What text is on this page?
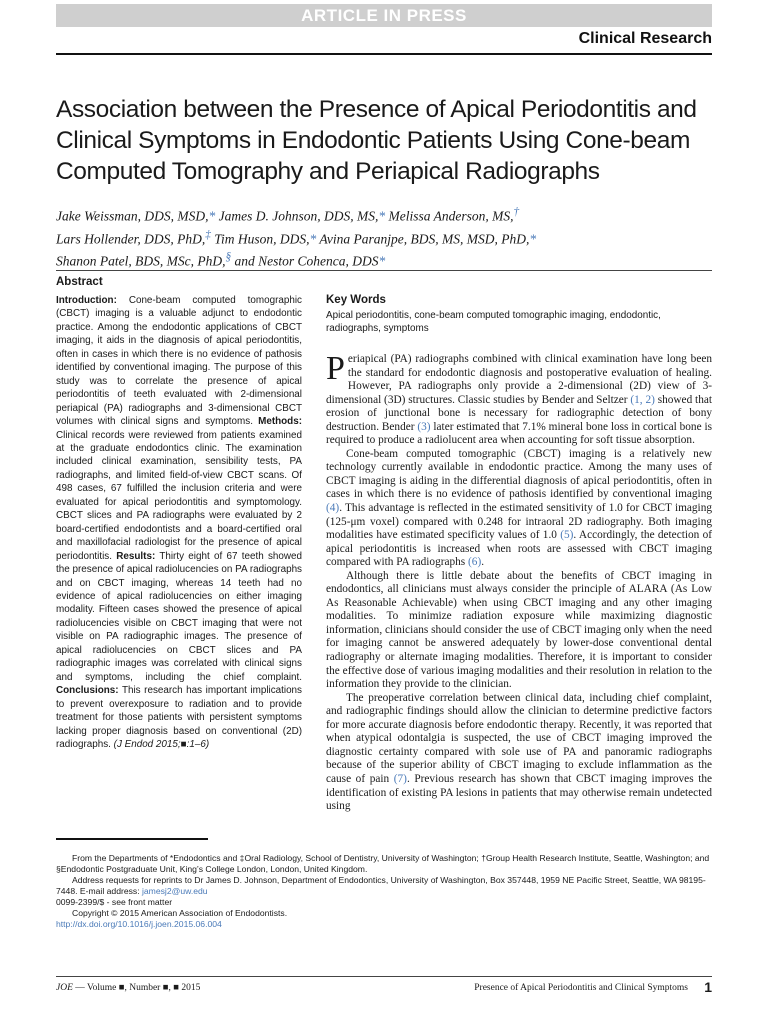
ARTICLE IN PRESS
Clinical Research
Association between the Presence of Apical Periodontitis and Clinical Symptoms in Endodontic Patients Using Cone-beam Computed Tomography and Periapical Radiographs
Jake Weissman, DDS, MSD,* James D. Johnson, DDS, MS,* Melissa Anderson, MS,†
Lars Hollender, DDS, PhD,‡ Tim Huson, DDS,* Avina Paranjpe, BDS, MS, MSD, PhD,*
Shanon Patel, BDS, MSc, PhD,§ and Nestor Cohenca, DDS*
Abstract

Introduction: Cone-beam computed tomographic (CBCT) imaging is a valuable adjunct to endodontic practice. Among the endodontic applications of CBCT imaging, it aids in the diagnosis of apical periodontitis, often in cases in which there is no evidence of pathosis identified by conventional imaging. The purpose of this study was to correlate the presence of apical periodontitis of teeth evaluated with 2-dimensional periapical (PA) radiographs and 3-dimensional CBCT volumes with clinical signs and symptoms. Methods: Clinical records were reviewed from patients examined at the graduate endodontics clinic. The examination included clinical examination, sensibility tests, PA radiographs, and limited field-of-view CBCT scans. Of 498 cases, 67 fulfilled the inclusion criteria and were evaluated for apical periodontitis and symptomology. CBCT slices and PA radiographs were evaluated by 2 board-certified endodontists and a board-certified oral and maxillofacial radiologist for the presence of apical periodontitis. Results: Thirty eight of 67 teeth showed the presence of apical radiolucencies on PA radiographs and on CBCT imaging, whereas 14 teeth had no evidence of apical radiolucencies on either imaging modality. Fifteen cases showed the presence of apical radiolucencies visible on CBCT imaging that were not visible on PA radiographic images. The presence of apical radiolucencies on CBCT slices and PA radiographic images was correlated with clinical signs and symptoms, including the chief complaint. Conclusions: This research has important implications to prevent overexposure to radiation and to provide treatment for those patients with persistent symptoms lacking proper diagnosis based on conventional (2D) radiographs. (J Endod 2015;■:1–6)

Key Words

Apical periodontitis, cone-beam computed tomographic imaging, endodontic, radiographs, symptoms

Periapical (PA) radiographs combined with clinical examination have long been the standard for endodontic diagnosis and postoperative evaluation of healing. However, PA radiographs only provide a 2-dimensional (2D) view of 3-dimensional (3D) structures. Classic studies by Bender and Seltzer (1, 2) showed that erosion of junctional bone is necessary for radiographic detection of bony destruction. Bender (3) later estimated that 7.1% mineral bone loss in cortical bone is required to produce a radiolucent area when accounting for soft tissue absorption.

Cone-beam computed tomographic (CBCT) imaging is a relatively new technology currently available in endodontic practice. Among the many uses of CBCT imaging is aiding in the differential diagnosis of apical periodontitis, often in cases in which there is no evidence of pathosis identified by conventional imaging (4). This advantage is reflected in the estimated sensitivity of 1.0 for CBCT imaging (125-μm voxel) compared with 0.248 for intraoral 2D radiography. Both imaging modalities have estimated specificity values of 1.0 (5). Accordingly, the detection of apical periodontitis is increased when roots are assessed with CBCT imaging compared with PA radiographs (6).

Although there is little debate about the benefits of CBCT imaging in endodontics, all clinicians must always consider the principle of ALARA (As Low As Reasonable Achievable) when using CBCT imaging and any other imaging modalities. To minimize radiation exposure while maximizing diagnostic information, clinicians should consider the use of CBCT imaging only when the need for imaging cannot be answered adequately by lower-dose conventional dental radiography or alternate imaging modalities. Therefore, it is important to consider the effective dose of various imaging modalities and their resolution in relation to the information they provide to the clinician.

The preoperative correlation between clinical data, including chief complaint, and radiographic findings should allow the clinician to determine predictive factors for more accurate diagnosis before endodontic therapy. Recently, it was reported that when atypical odontalgia is suspected, the use of CBCT imaging improved the diagnostic certainty compared with sole use of PA and panoramic radiographs because of the superior ability of CBCT imaging to exclude inflammation as the cause of pain (7). Previous research has shown that CBCT imaging improves the identification of existing PA lesions in patients that may otherwise remain undetected using

From the Departments of *Endodontics and ‡Oral Radiology, School of Dentistry, University of Washington; †Group Health Research Institute, Seattle, Washington; and §Endodontic Postgraduate Unit, King’s College London, London, United Kingdom.

Address requests for reprints to Dr James D. Johnson, Department of Endodontics, University of Washington, Box 357448, 1959 NE Pacific Street, Seattle, WA 98195-7448. E-mail address: jamesj2@uw.edu

0099-2399/$ - see front matter

Copyright © 2015 American Association of Endodontists.

http://dx.doi.org/10.1016/j.joen.2015.06.004

JOE — Volume ■, Number ■, ■ 2015	Presence of Apical Periodontitis and Clinical Symptoms 1
